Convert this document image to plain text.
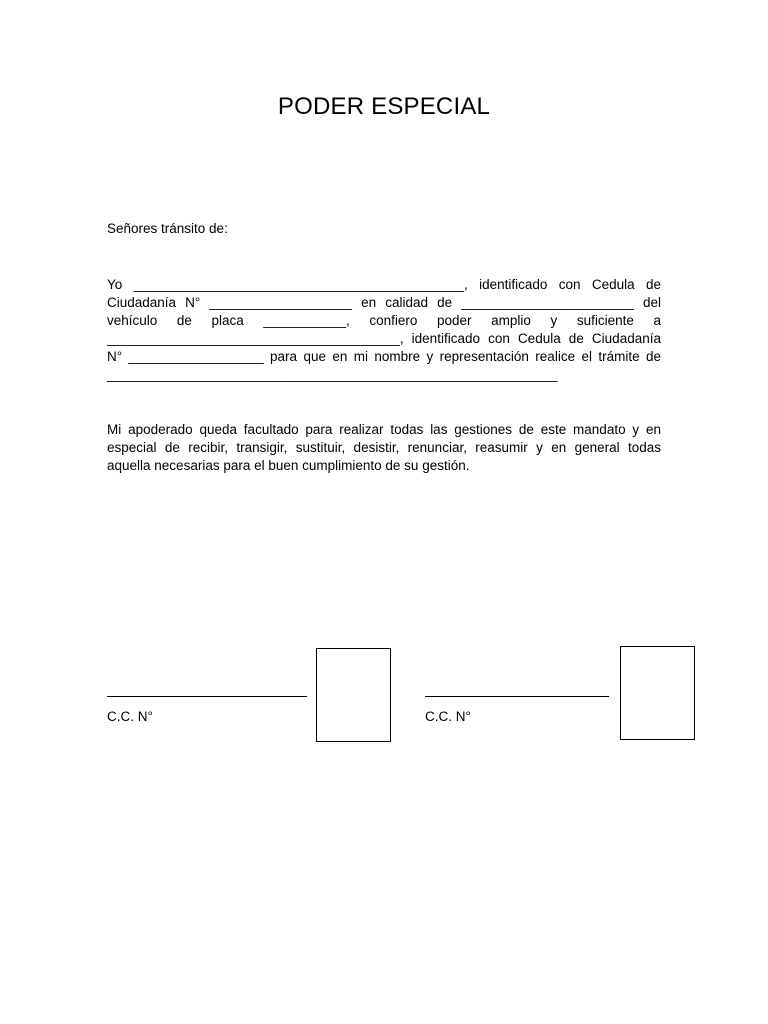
PODER ESPECIAL
Señores tránsito de:
Yo ____________________________________________, identificado con Cedula de
Ciudadanía N° ___________________ en calidad de _______________________ del
vehículo de placa ___________, confiero poder amplio y suficiente a
_______________________________________, identificado con Cedula de Ciudadanía
N° __________________ para que en mi nombre y representación realice el trámite de
____________________________________________________________
Mi apoderado queda facultado para realizar todas las gestiones de este mandato y en
especial de recibir, transigir, sustituir, desistir, renunciar, reasumir y en general todas
aquella necesarias para el buen cumplimiento de su gestión.
C.C. N°	C.C. N°
